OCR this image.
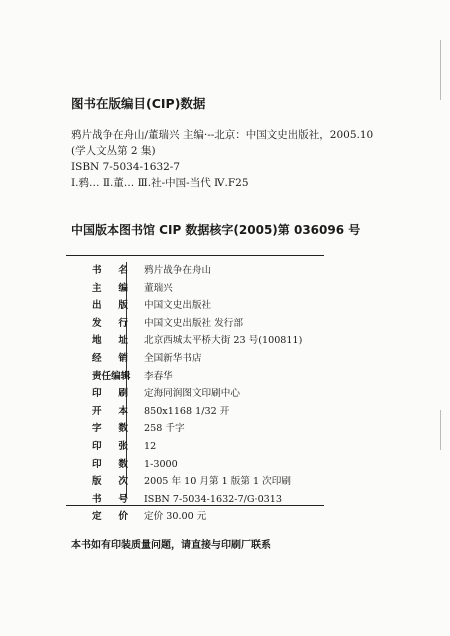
图书在版编目(CIP)数据
鸦片战争在舟山/董瑞兴 主编·--北京：中国文史出版社，2005.10
(学人文丛第 2 集)
ISBN 7-5034-1632-7
Ⅰ.鸦… Ⅱ.董… Ⅲ.社-中国-当代 Ⅳ.F25
中国版本图书馆 CIP 数据核字(2005)第 036096 号
书名 鸦片战争在舟山
主编 董瑞兴
出版 中国文史出版社
发行 中国文史出版社 发行部
地址 北京西城太平桥大街 23 号(100811)
经销 全国新华书店
责任编辑 李春华
印刷 定海同润图文印刷中心
开本 850x1168 1/32 开
字数 258 千字
印张 12
印数 1-3000
版次 2005 年 10 月第 1 版第 1 次印刷
书号 ISBN 7-5034-1632-7/G·0313
定价 定价 30.00 元
本书如有印装质量问题，请直接与印刷厂联系
